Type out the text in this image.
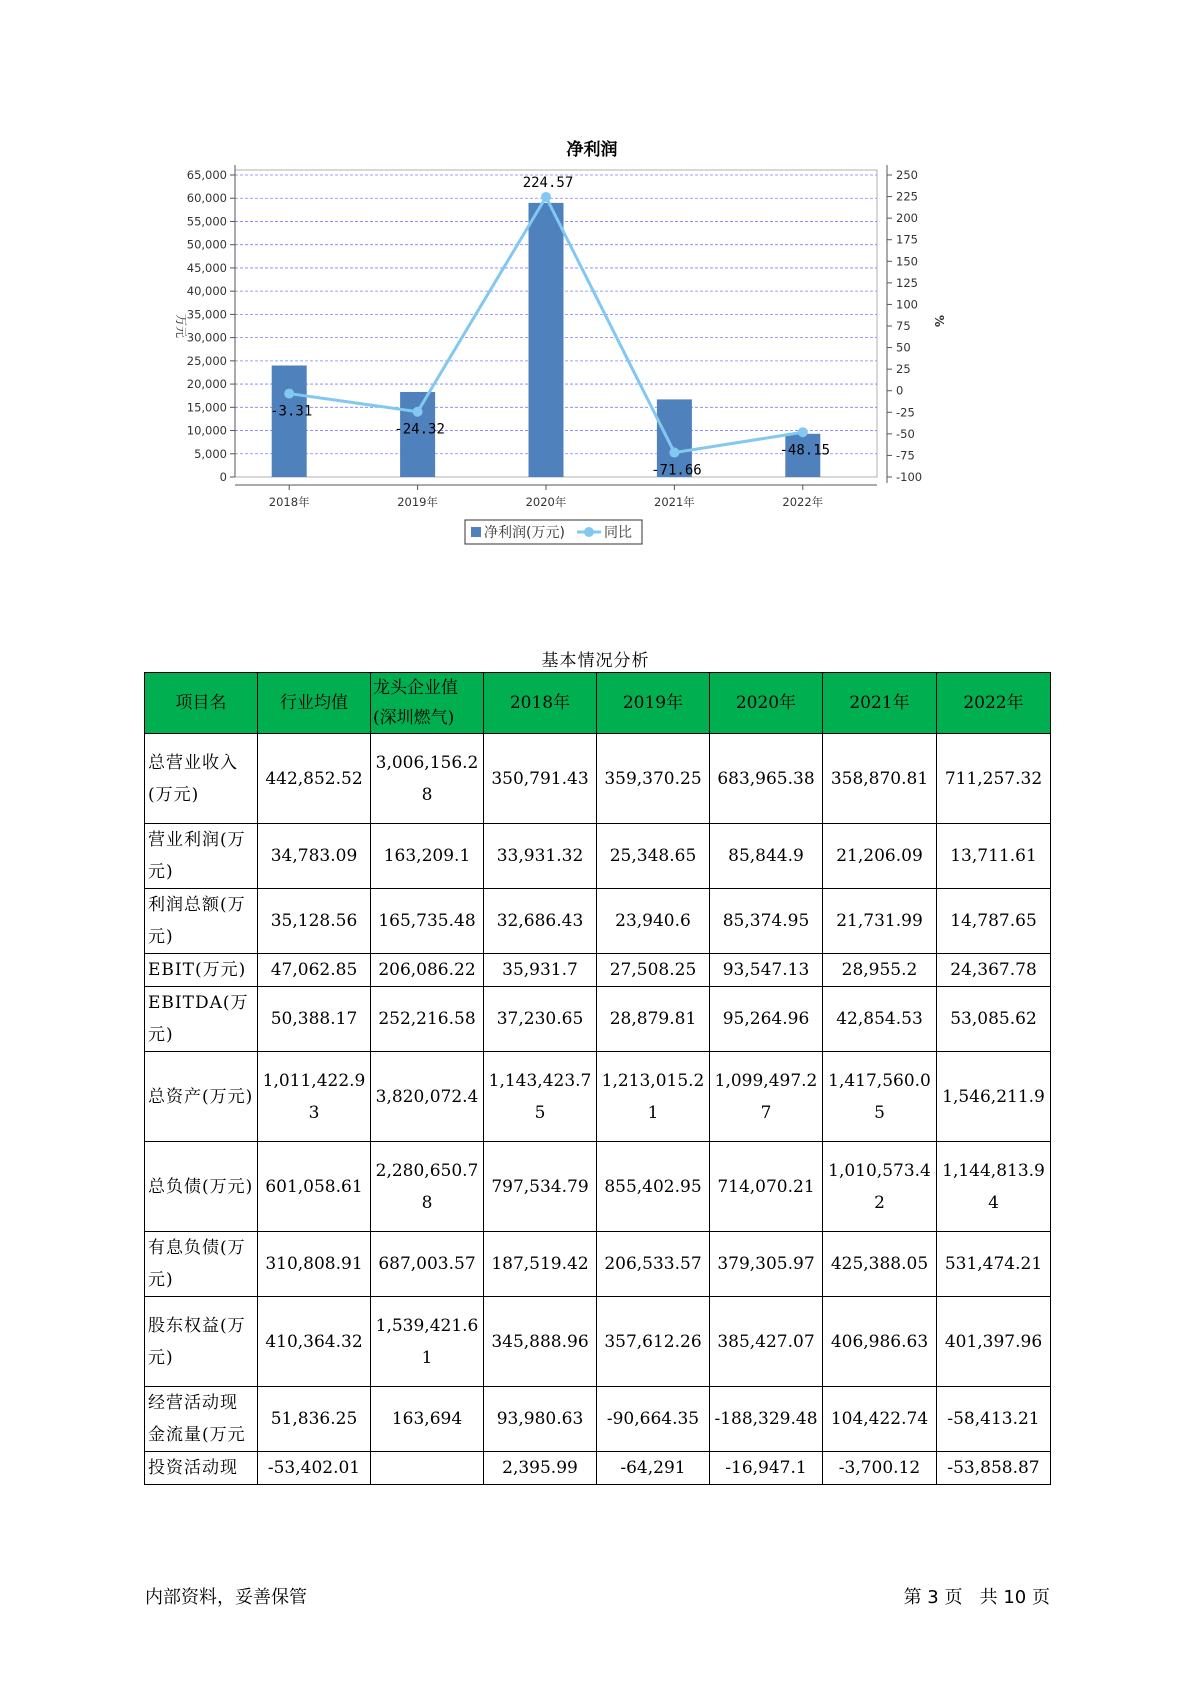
净利润
0
5,000
10,000
15,000
20,000
25,000
30,000
35,000
40,000
45,000
50,000
55,000
60,000
65,000
-100
-75
-50
-25
0
25
50
75
100
125
150
175
200
225
250
万元	%
2018年	2019年	2020年	2021年	2022年
-3.31
-24.32
224.57
-71.66
-48.15
净利润(万元)	同比
基本情况分析
项目名	行业均值	龙头企业值(深圳燃气)	2018年	2019年	2020年	2021年	2022年
总营业收入(万元)	442,852.52	3,006,156.28	350,791.43	359,370.25	683,965.38	358,870.81	711,257.32
营业利润(万元)	34,783.09	163,209.1	33,931.32	25,348.65	85,844.9	21,206.09	13,711.61
利润总额(万元)	35,128.56	165,735.48	32,686.43	23,940.6	85,374.95	21,731.99	14,787.65
EBIT(万元)	47,062.85	206,086.22	35,931.7	27,508.25	93,547.13	28,955.2	24,367.78
EBITDA(万元)	50,388.17	252,216.58	37,230.65	28,879.81	95,264.96	42,854.53	53,085.62
总资产(万元)	1,011,422.93	3,820,072.4	1,143,423.75	1,213,015.21	1,099,497.27	1,417,560.05	1,546,211.9
总负债(万元)	601,058.61	2,280,650.78	797,534.79	855,402.95	714,070.21	1,010,573.42	1,144,813.94
有息负债(万元)	310,808.91	687,003.57	187,519.42	206,533.57	379,305.97	425,388.05	531,474.21
股东权益(万元)	410,364.32	1,539,421.61	345,888.96	357,612.26	385,427.07	406,986.63	401,397.96
经营活动现金流量(万元	51,836.25	163,694	93,980.63	-90,664.35	-188,329.48	104,422.74	-58,413.21
投资活动现	-53,402.01		2,395.99	-64,291	-16,947.1	-3,700.12	-53,858.87
内部资料，妥善保管	第 3 页   共 10 页
